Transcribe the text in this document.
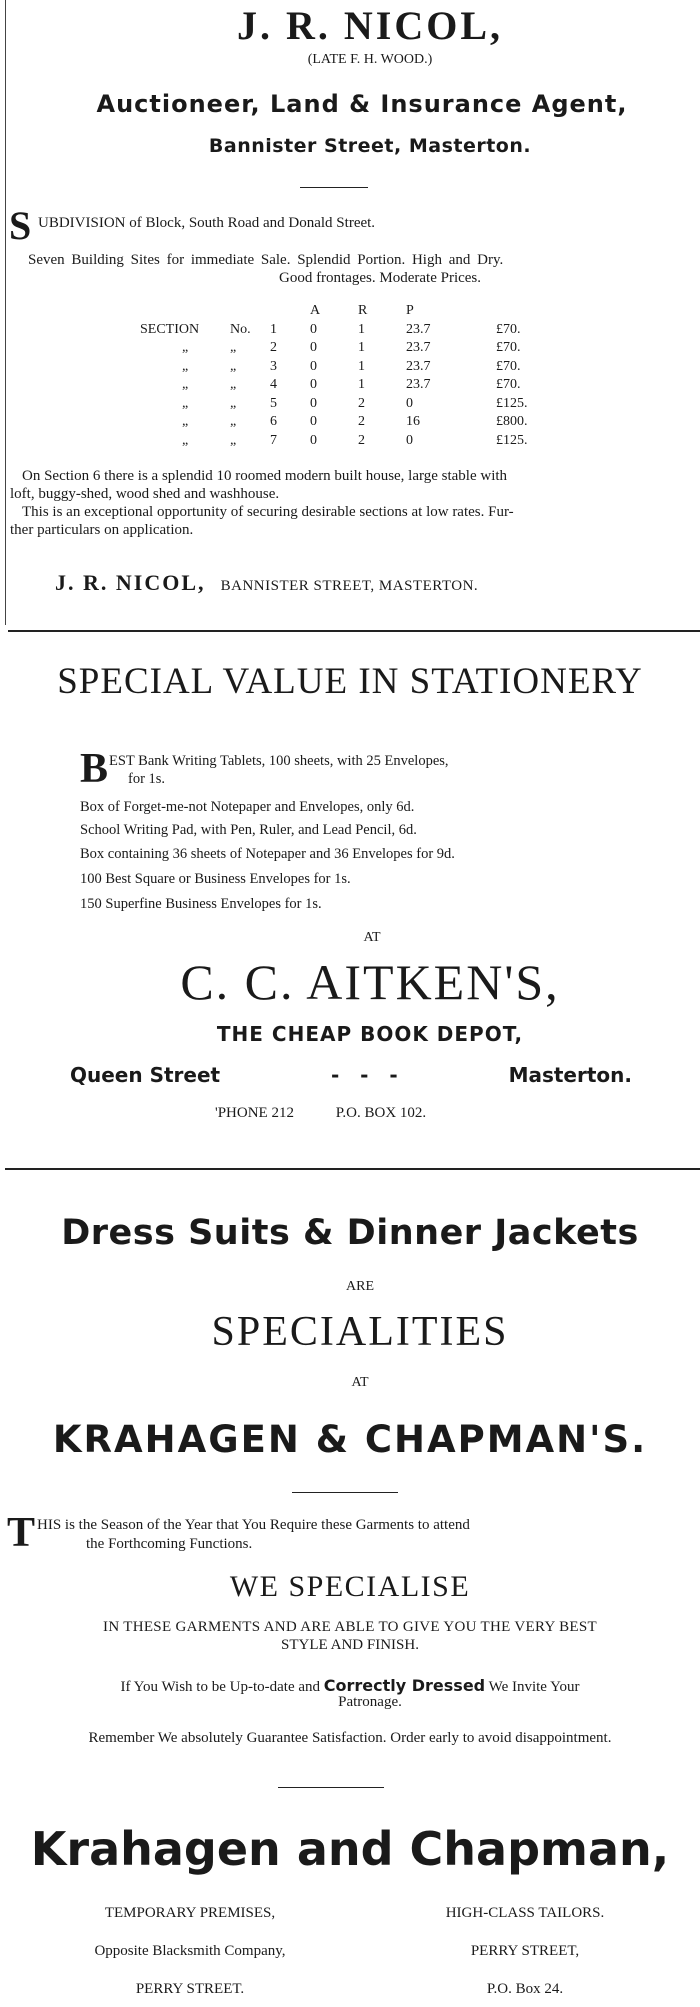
J. R. NICOL,
(LATE F. H. WOOD.)
Auctioneer, Land & Insurance Agent,
Bannister Street, Masterton.
S UBDIVISION of Block, South Road and Donald Street.
Seven Building Sites for immediate Sale. Splendid Portion. High and Dry.
Good frontages. Moderate Prices.
			A	R	P	
SECTION	No.	1	0	1	23.7	£70.
„	„	2	0	1	23.7	£70.
„	„	3	0	1	23.7	£70.
„	„	4	0	1	23.7	£70.
„	„	5	0	2	0	£125.
„	„	6	0	2	16	£800.
„	„	7	0	2	0	£125.
On Section 6 there is a splendid 10 roomed modern built house, large stable with
loft, buggy-shed, wood shed and washhouse.
This is an exceptional opportunity of securing desirable sections at low rates. Fur-
ther particulars on application.
J. R. NICOL, BANNISTER STREET, MASTERTON.
SPECIAL VALUE IN STATIONERY
B EST Bank Writing Tablets, 100 sheets, with 25 Envelopes,
for 1s.
Box of Forget-me-not Notepaper and Envelopes, only 6d.
School Writing Pad, with Pen, Ruler, and Lead Pencil, 6d.
Box containing 36 sheets of Notepaper and 36 Envelopes for 9d.
100 Best Square or Business Envelopes for 1s.
150 Superfine Business Envelopes for 1s.
AT
C. C. AITKEN'S,
THE CHEAP BOOK DEPOT,
Queen Street	-   -   -	Masterton.
'PHONE 212	P.O. BOX 102.
Dress Suits & Dinner Jackets
ARE
SPECIALITIES
AT
KRAHAGEN & CHAPMAN'S.
T HIS is the Season of the Year that You Require these Garments to attend
the Forthcoming Functions.
WE SPECIALISE
IN THESE GARMENTS AND ARE ABLE TO GIVE YOU THE VERY BEST
STYLE AND FINISH.
If You Wish to be Up-to-date and Correctly Dressed We Invite Your
Patronage.
Remember We absolutely Guarantee Satisfaction. Order early to avoid disappointment.
Krahagen and Chapman,
TEMPORARY PREMISES,
Opposite Blacksmith Company,
PERRY STREET.
HIGH-CLASS TAILORS.
PERRY STREET,
P.O. Box 24.
